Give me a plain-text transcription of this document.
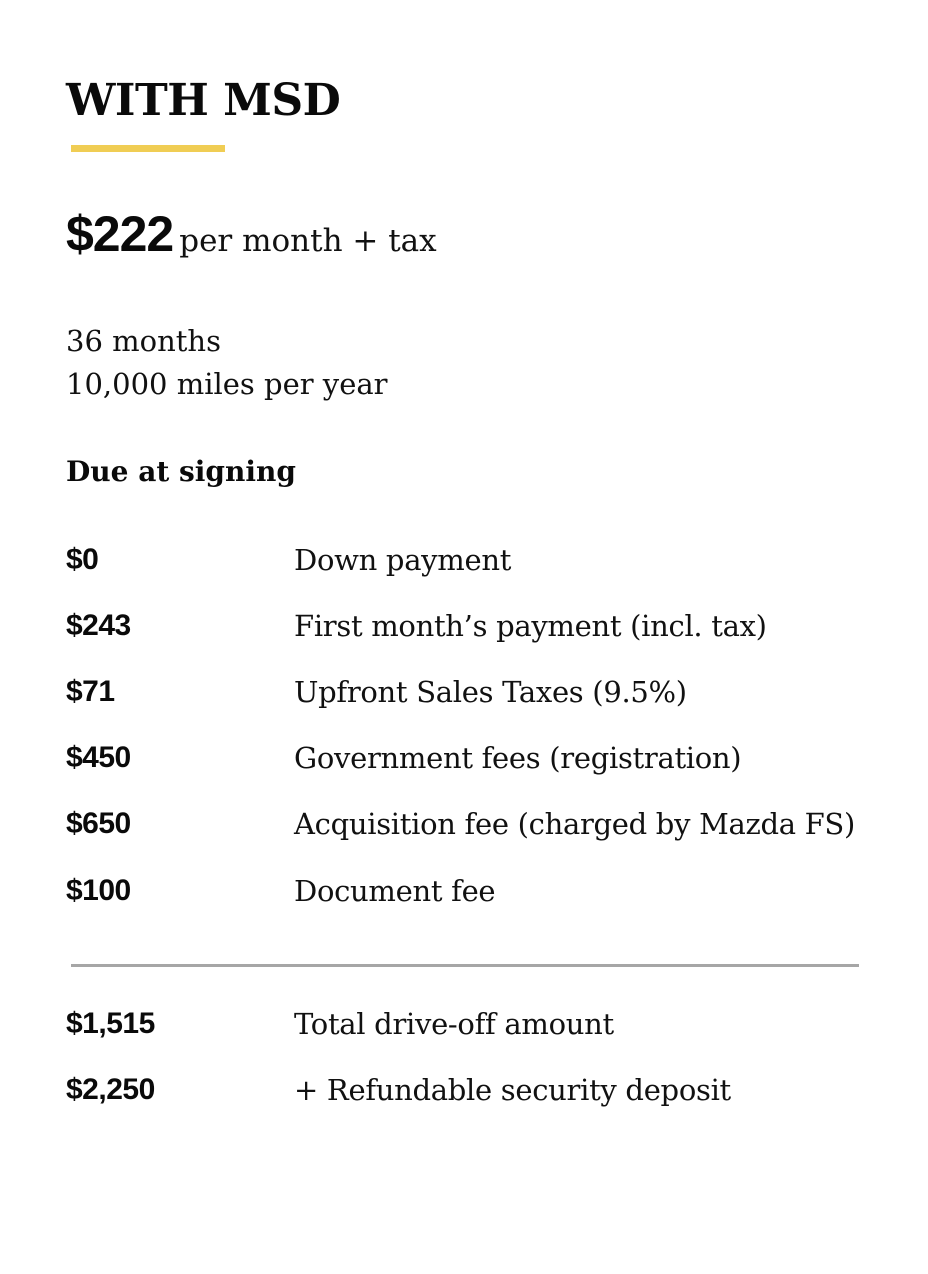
WITH MSD
$222 per month + tax
36 months
10,000 miles per year
Due at signing
$0	Down payment
$243	First month’s payment (incl. tax)
$71	Upfront Sales Taxes (9.5%)
$450	Government fees (registration)
$650	Acquisition fee (charged by Mazda FS)
$100	Document fee
$1,515	Total drive-off amount
$2,250	+ Refundable security deposit
